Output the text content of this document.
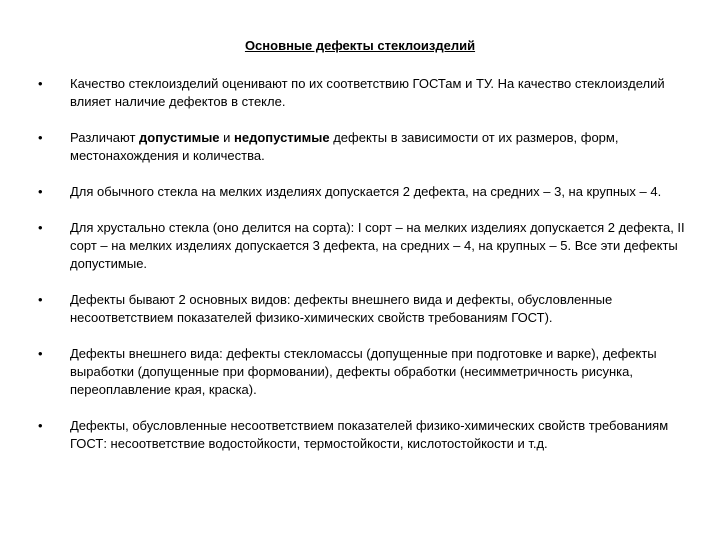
Основные дефекты стеклоизделий
• Качество стеклоизделий оценивают по их соответствию ГОСТам и ТУ. На качество стеклоизделий влияет наличие дефектов в стекле.
• Различают допустимые и недопустимые дефекты в зависимости от их размеров, форм, местонахождения и количества.
• Для обычного стекла на мелких изделиях допускается 2 дефекта, на средних – 3, на крупных – 4.
• Для хрустально стекла (оно делится на сорта): I сорт – на мелких изделиях допускается 2 дефекта, II сорт – на мелких изделиях допускается 3 дефекта, на средних – 4, на крупных – 5. Все эти дефекты допустимые.
• Дефекты бывают 2 основных видов: дефекты внешнего вида и дефекты, обусловленные несоответствием показателей физико-химических свойств требованиям ГОСТ).
• Дефекты внешнего вида: дефекты стекломассы (допущенные при подготовке и варке), дефекты выработки (допущенные при формовании), дефекты обработки (несимметричность рисунка, переоплавление края, краска).
• Дефекты, обусловленные несоответствием показателей физико-химических свойств требованиям ГОСТ: несоответствие водостойкости, термостойкости, кислотостойкости и т.д.
